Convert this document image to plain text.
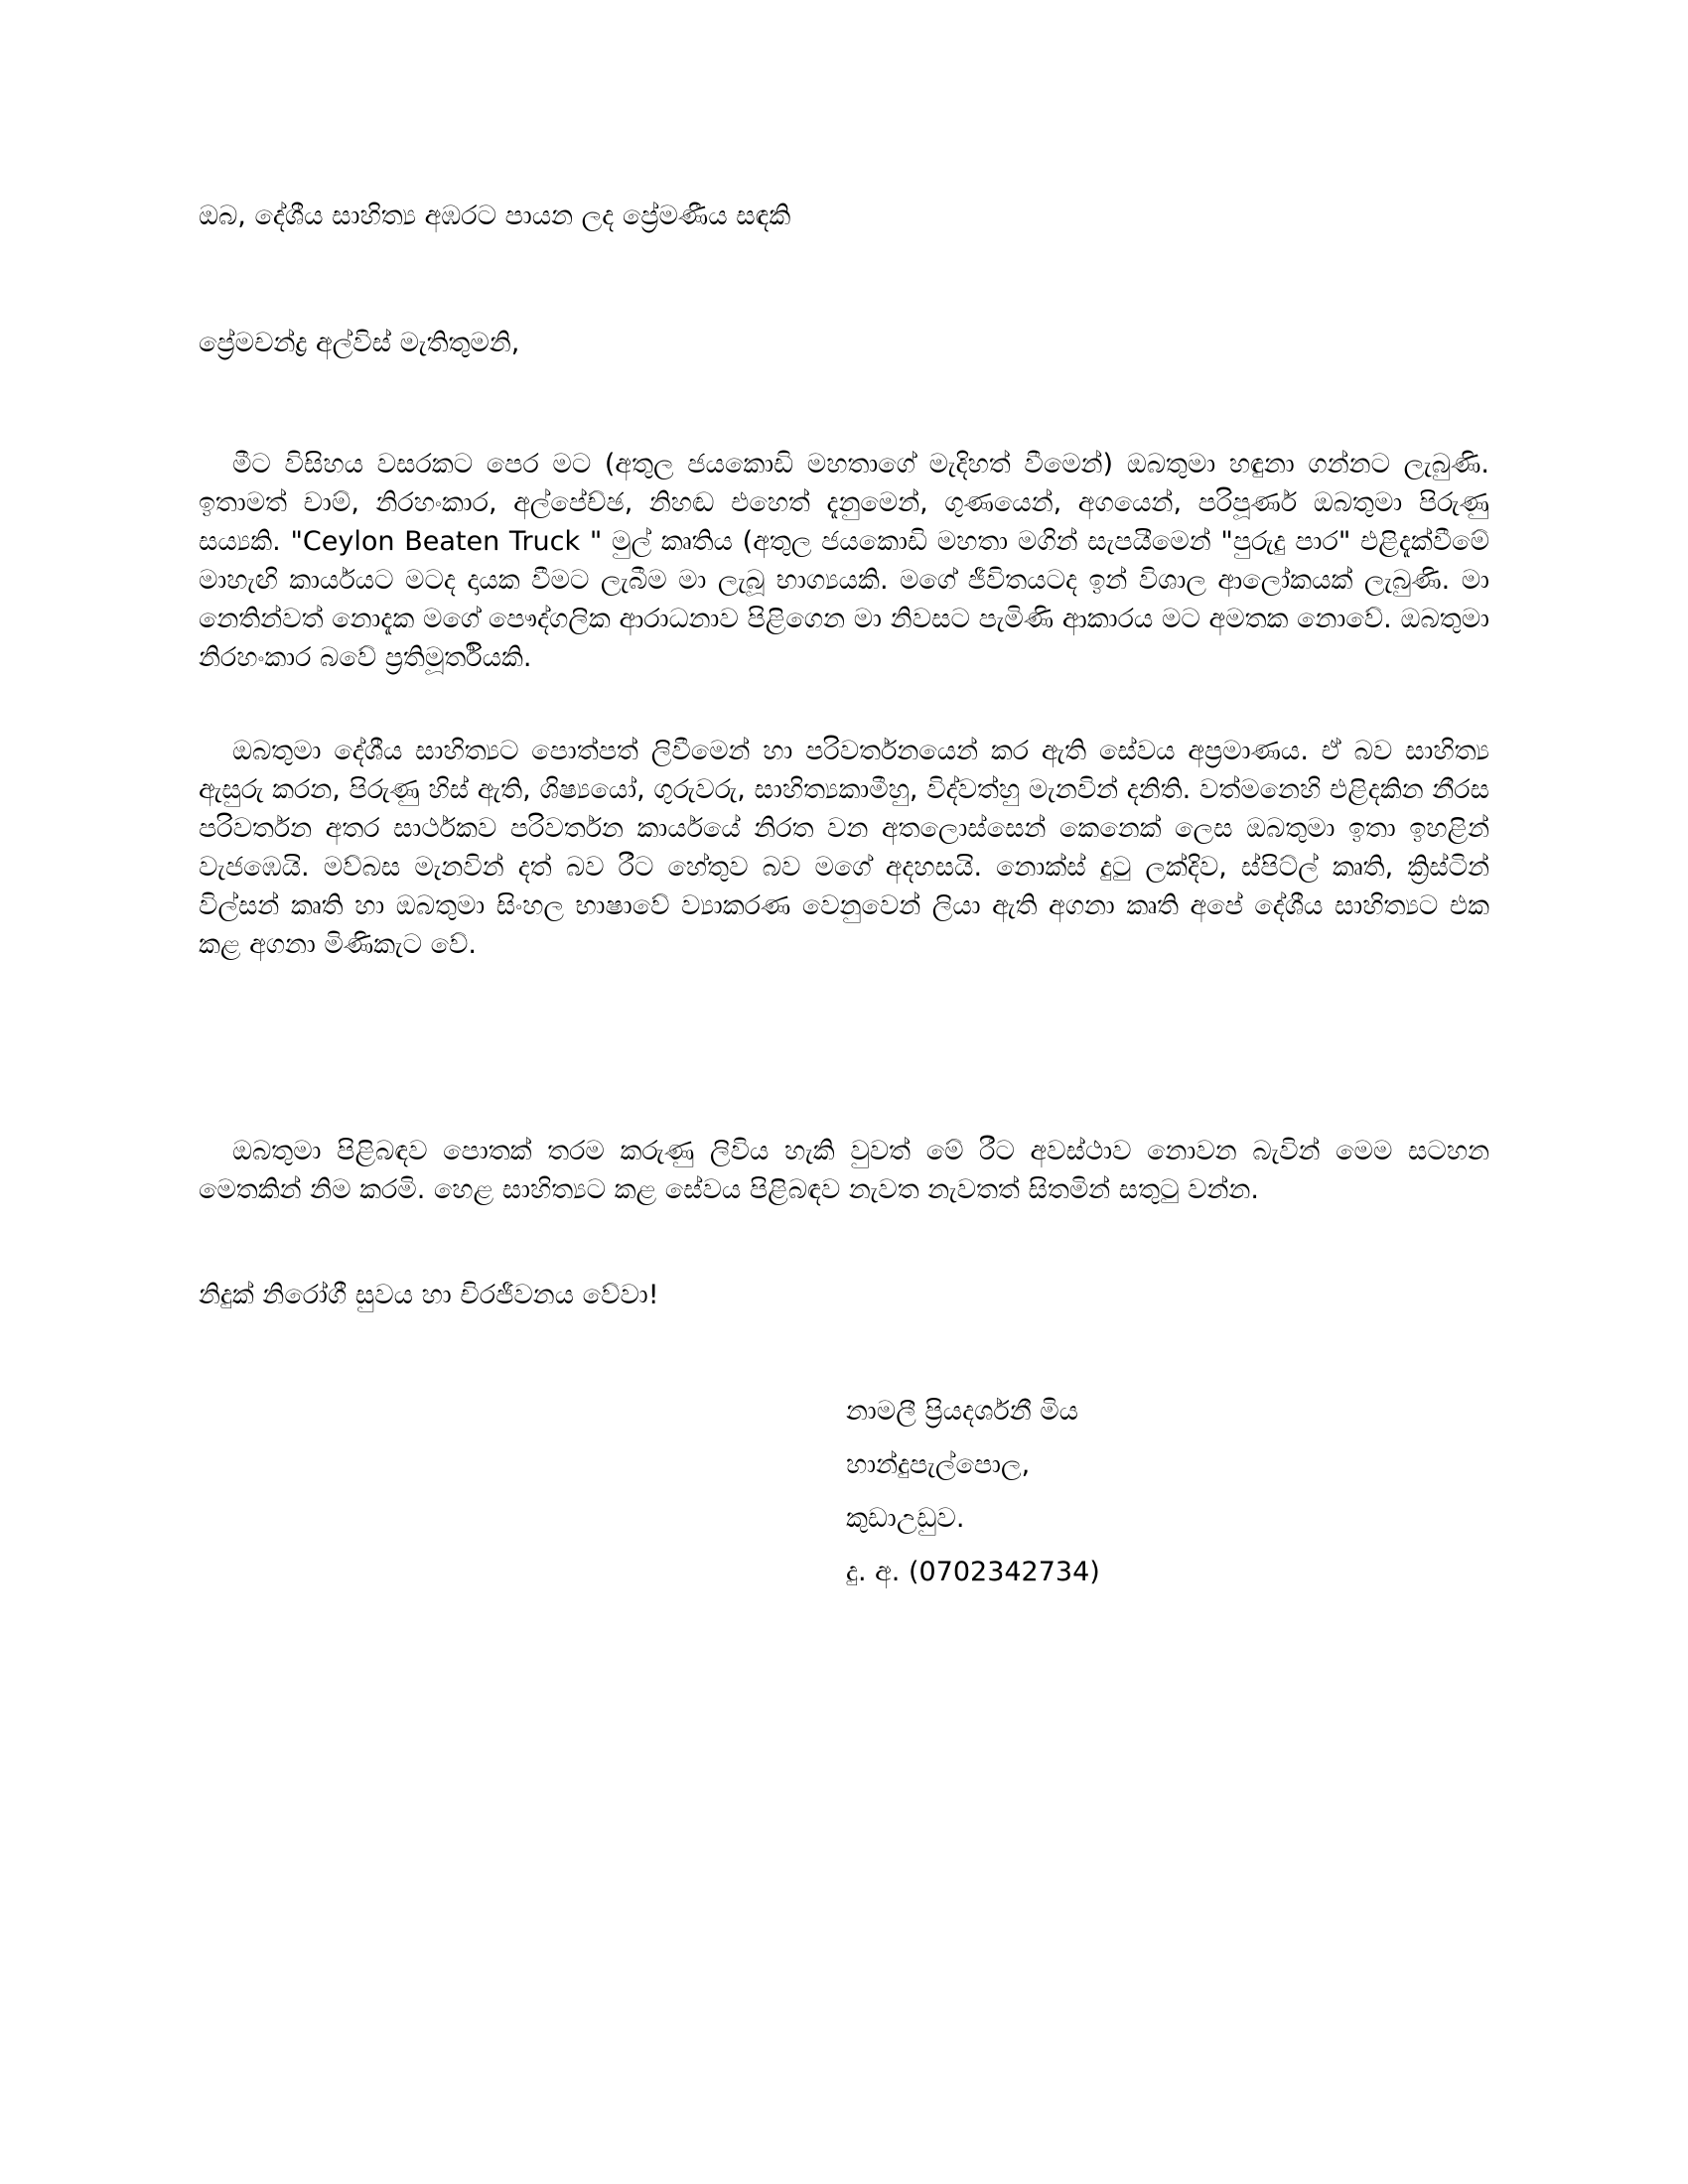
ඔබ, දේශීය සාහිත්‍ය අඹරට පායන ලද ප්‍රේමණීය සඳකි
ප්‍රේමචන්ද්‍ර අල්විස් මැතිතුමනි,

මීට විසිහය වසරකට පෙර මට (අතුල ජයකොඩි මහතාගේ මැදිහත් වීමෙන්) ඔබතුමා හඳුනා ගන්නට ලැබුණි. ඉතාමත් චාම්, නිරහංකාර, අල්පේච්ඡ, නිහඬ එහෙත් දැනුමෙන්, ගුණයෙන්, අගයෙන්, පරිපූර්ණ ඔබතුමා පිරුණු සය්‍යකි. "Ceylon Beaten Truck " මුල් කෘතිය (අතුල ජයකොඩි මහතා මගින් සැපයීමෙන් "පුරුදු පාර" එළිදැක්වීමේ මාහැඟි කාර්යයට මටද දායක වීමට ලැබීම මා ලැබූ භාග්‍යයකි. මගේ ජීවිතයටද ඉන් විශාල ආලෝකයක් ලැබුණි. මා නෙතින්වත් නොදැක මගේ පෞද්ගලික ආරාධනාව පිළිගෙන මා නිවසට පැමිණි ආකාරය මට අමතක නොවේ. ඔබතුමා නිරහංකාර බවේ ප්‍රතිමූර්තියකි.

ඔබතුමා දේශීය සාහිත්‍යට පොත්පත් ලිවීමෙන් හා පරිවර්තනයෙන් කර ඇති සේවය අප්‍රමාණය. ඒ බව සාහිත්‍ය ඇසුරු කරන, පිරුණු හිස් ඇති, ශිෂ්‍යයෝ, ගුරුවරු, සාහිත්‍යකාමීහු, විද්වත්හු මැනවින් දනිති. වත්මනෙහි එළිදකින නීරස පරිවර්තන අතර සාර්ථකව පරිවර්තන කාර්යයේ නිරත වන අතලොස්සෙන් කෙනෙක් ලෙස ඔබතුමා ඉතා ඉහළින් වැජඹෙයි. මව්බස මැනවින් දත් බව රීට හේතුව බව මගේ අදහසයි. නොක්ස් දුටු ලක්දිව, ස්පිට්ල් කෘති, ක්‍රිස්ටින් විල්සන් කෘති හා ඔබතුමා සිංහල භාෂාවේ ව්‍යාකරණ වෙනුවෙන් ලියා ඇති අගනා කෘති අපේ දේශීය සාහිත්‍යට එක කළ අගනා මිණිකැට වේ.

ඔබතුමා පිළිබඳව පොතක් තරම කරුණු ලිවිය හැකි වුවත් මේ රීට අවස්ථාව නොවන බැවින් මෙම සටහන මෙතකින් නිම කරමි. හෙළ සාහිත්‍යට කළ සේවය පිළිබඳව නැවත නැවතත් සිතමින් සතුටු වන්න.

නිදුක් නිරෝගී සුවය හා චිරජීවනය වේවා!
නාමලී ප්‍රියදර්ශනී මිය
හාන්දුපැල්පොල,
කුඩාඋඩුව.
දු. අ. (0702342734)
